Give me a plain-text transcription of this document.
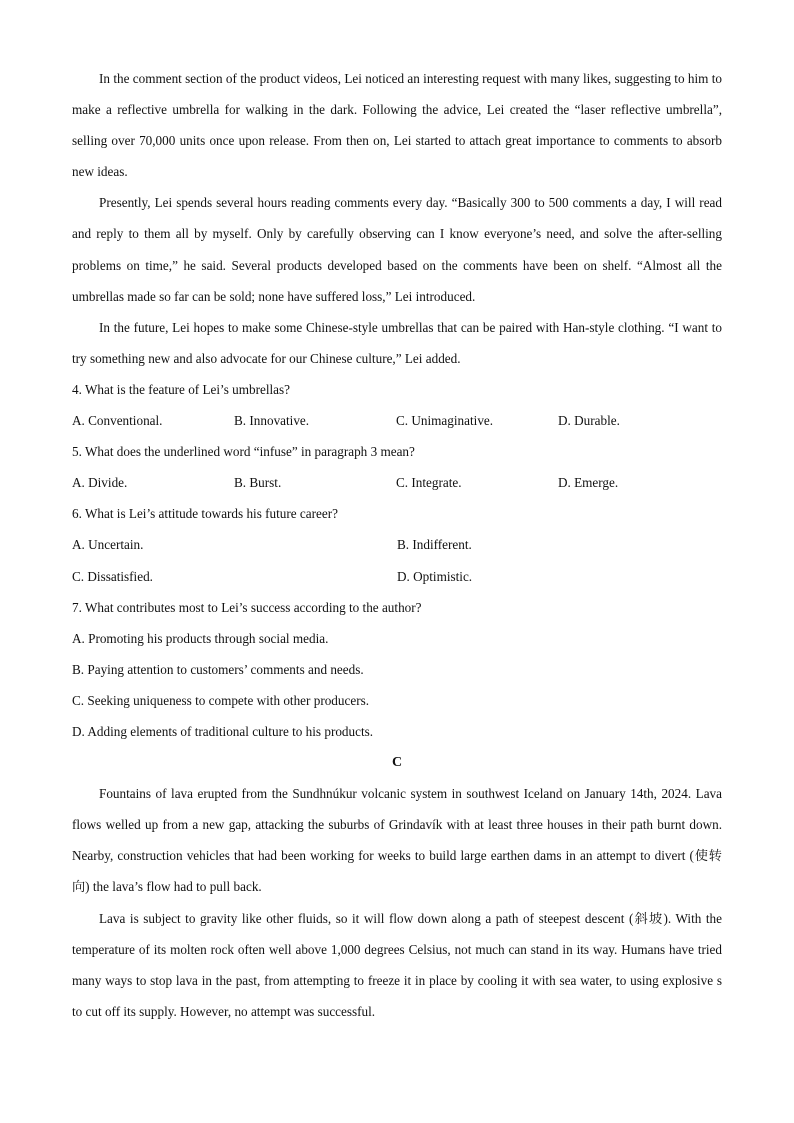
In the comment section of the product videos, Lei noticed an interesting request with many likes, suggesting to him to make a reflective umbrella for walking in the dark. Following the advice, Lei created the “laser reflective umbrella”, selling over 70,000 units once upon release. From then on, Lei started to attach great importance to comments to absorb new ideas.

Presently, Lei spends several hours reading comments every day. “Basically 300 to 500 comments a day, I will read and reply to them all by myself. Only by carefully observing can I know everyone’s need, and solve the after-selling problems on time,” he said. Several products developed based on the comments have been on shelf. “Almost all the umbrellas made so far can be sold; none have suffered loss,” Lei introduced.

In the future, Lei hopes to make some Chinese-style umbrellas that can be paired with Han-style clothing. “I want to try something new and also advocate for our Chinese culture,” Lei added.

4. What is the feature of Lei’s umbrellas?
A. Conventional.	B. Innovative.	C. Unimaginative.	D. Durable.
5. What does the underlined word “infuse” in paragraph 3 mean?
A. Divide.	B. Burst.	C. Integrate.	D. Emerge.
6. What is Lei’s attitude towards his future career?
A. Uncertain.	B. Indifferent.
C. Dissatisfied.	D. Optimistic.
7. What contributes most to Lei’s success according to the author?
A. Promoting his products through social media.
B. Paying attention to customers’ comments and needs.
C. Seeking uniqueness to compete with other producers.
D. Adding elements of traditional culture to his products.
C

Fountains of lava erupted from the Sundhnúkur volcanic system in southwest Iceland on January 14th, 2024. Lava flows welled up from a new gap, attacking the suburbs of Grindavík with at least three houses in their path burnt down. Nearby, construction vehicles that had been working for weeks to build large earthen dams in an attempt to divert (使转向) the lava’s flow had to pull back.

Lava is subject to gravity like other fluids, so it will flow down along a path of steepest descent (斜坡). With the temperature of its molten rock often well above 1,000 degrees Celsius, not much can stand in its way. Humans have tried many ways to stop lava in the past, from attempting to freeze it in place by cooling it with sea water, to using explosive s to cut off its supply. However, no attempt was successful.
